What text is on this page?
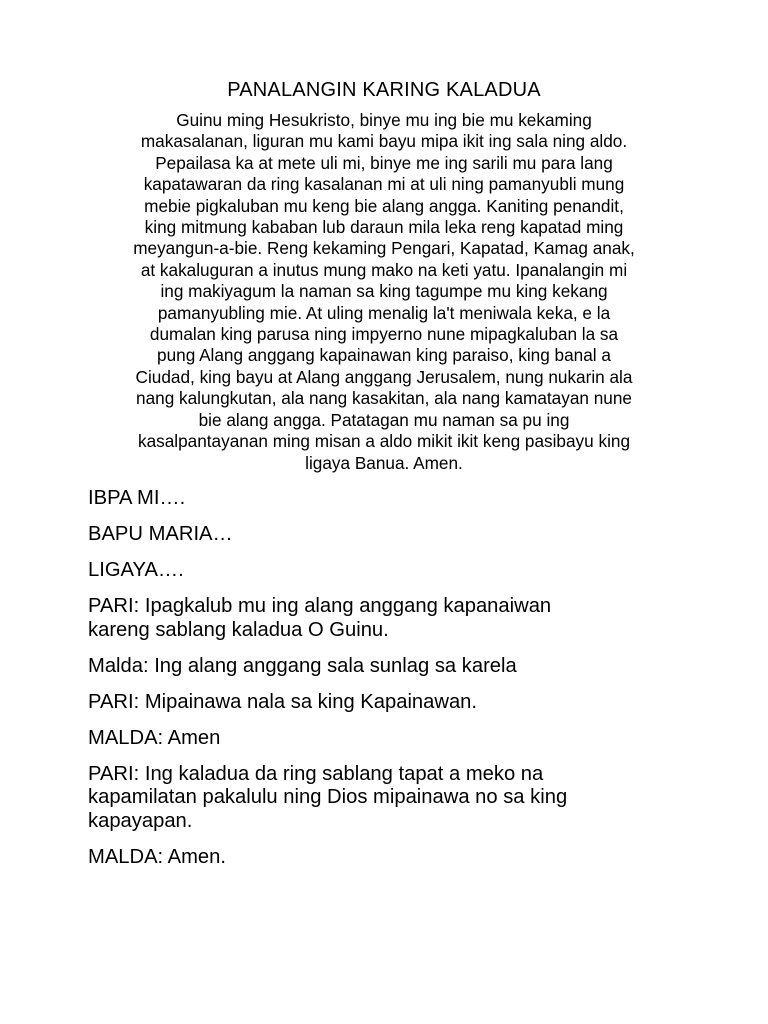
PANALANGIN KARING KALADUA
Guinu ming Hesukristo, binye mu ing bie mu kekaming
makasalanan, liguran mu kami bayu mipa ikit ing sala ning aldo.
Pepailasa ka at mete uli mi, binye me ing sarili mu para lang
kapatawaran da ring kasalanan mi at uli ning pamanyubli mung
mebie pigkaluban mu keng bie alang angga. Kaniting penandit,
king mitmung kababan lub daraun mila leka reng kapatad ming
meyangun-a-bie. Reng kekaming Pengari, Kapatad, Kamag anak,
at kakaluguran a inutus mung mako na keti yatu. Ipanalangin mi
ing makiyagum la naman sa king tagumpe mu king kekang
pamanyubling mie. At uling menalig la't meniwala keka, e la
dumalan king parusa ning impyerno nune mipagkaluban la sa
pung Alang anggang kapainawan king paraiso, king banal a
Ciudad, king bayu at Alang anggang Jerusalem, nung nukarin ala
nang kalungkutan, ala nang kasakitan, ala nang kamatayan nune
bie alang angga. Patatagan mu naman sa pu ing
kasalpantayanan ming misan a aldo mikit ikit keng pasibayu king
ligaya Banua. Amen.
IBPA MI….
BAPU MARIA…
LIGAYA….
PARI: Ipagkalub mu ing alang anggang kapanaiwan
kareng sablang kaladua O Guinu.
Malda: Ing alang anggang sala sunlag sa karela
PARI: Mipainawa nala sa king Kapainawan.
MALDA: Amen
PARI: Ing kaladua da ring sablang tapat a meko na
kapamilatan pakalulu ning Dios mipainawa no sa king
kapayapan.
MALDA: Amen.
